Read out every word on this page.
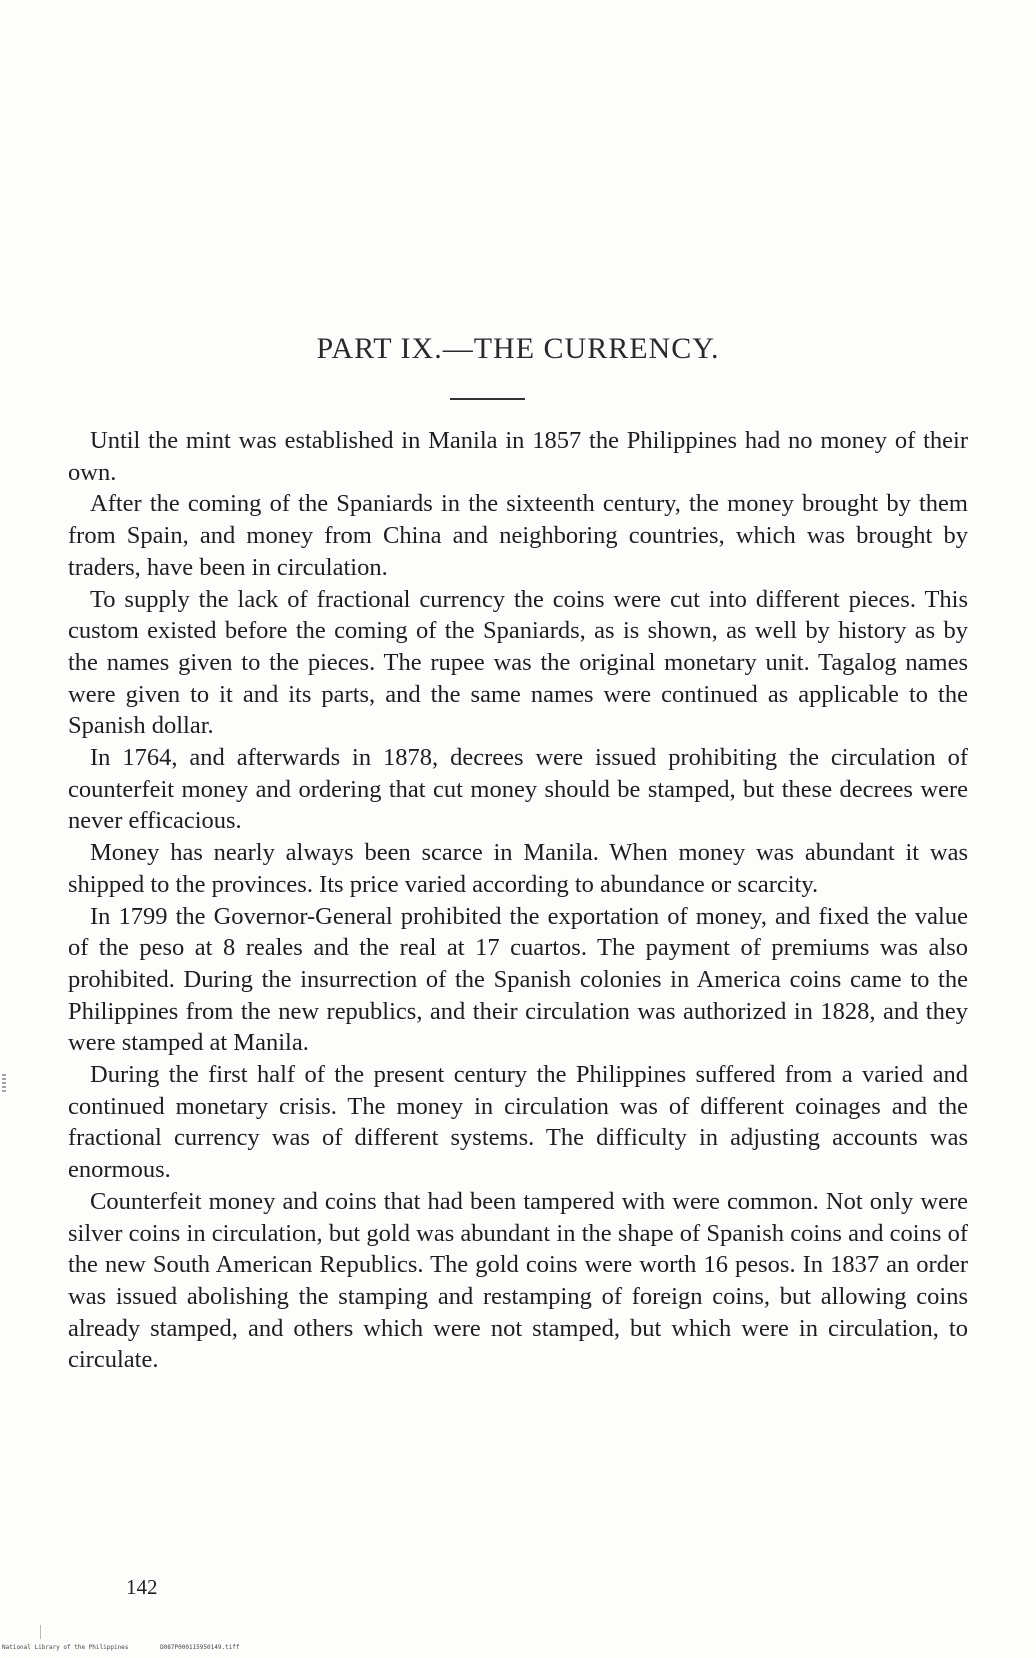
PART IX.—THE CURRENCY.

Until the mint was established in Manila in 1857 the Philippines had no money of their own.

After the coming of the Spaniards in the sixteenth century, the money brought by them from Spain, and money from China and neighboring countries, which was brought by traders, have been in circulation.

To supply the lack of fractional currency the coins were cut into different pieces. This custom existed before the coming of the Spaniards, as is shown, as well by history as by the names given to the pieces. The rupee was the original monetary unit. Tagalog names were given to it and its parts, and the same names were continued as applicable to the Spanish dollar.

In 1764, and afterwards in 1878, decrees were issued prohibiting the circulation of counterfeit money and ordering that cut money should be stamped, but these decrees were never efficacious.

Money has nearly always been scarce in Manila. When money was abundant it was shipped to the provinces. Its price varied according to abundance or scarcity.

In 1799 the Governor-General prohibited the exportation of money, and fixed the value of the peso at 8 reales and the real at 17 cuartos. The payment of premiums was also prohibited. During the insurrection of the Spanish colonies in America coins came to the Philippines from the new republics, and their circulation was authorized in 1828, and they were stamped at Manila.

During the first half of the present century the Philippines suffered from a varied and continued monetary crisis. The money in circulation was of different coinages and the fractional currency was of different systems. The difficulty in adjusting accounts was enormous.

Counterfeit money and coins that had been tampered with were common. Not only were silver coins in circulation, but gold was abundant in the shape of Spanish coins and coins of the new South American Republics. The gold coins were worth 16 pesos. In 1837 an order was issued abolishing the stamping and restamping of foreign coins, but allowing coins already stamped, and others which were not stamped, but which were in circulation, to circulate.

142
National Library of the Philippines	D087P000115950149.tiff
